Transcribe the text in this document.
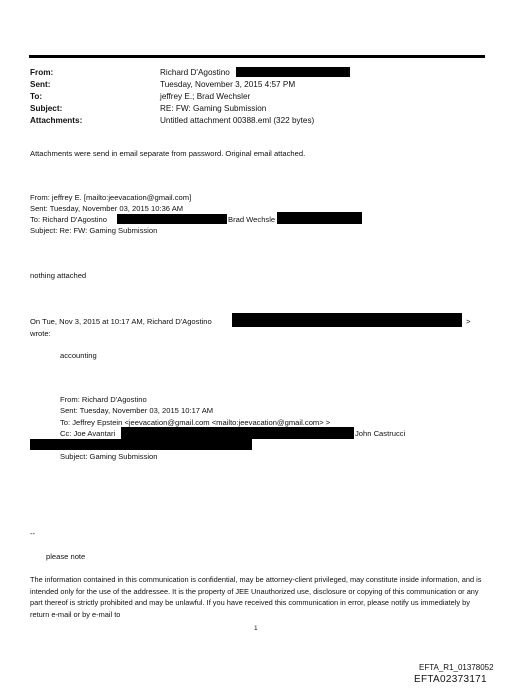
From:	Richard D'Agostino
Sent:	Tuesday, November 3, 2015 4:57 PM
To:	jeffrey E.; Brad Wechsler
Subject:	RE: FW: Gaming Submission
Attachments:	Untitled attachment 00388.eml (322 bytes)
Attachments were send in email separate from password. Original email attached.
From: jeffrey E. [mailto:jeevacation@gmail.com]
Sent: Tuesday, November 03, 2015 10:36 AM
To: Richard D'Agostino	Brad Wechsle
Subject: Re: FW: Gaming Submission
nothing attached
On Tue, Nov 3, 2015 at 10:17 AM, Richard D'Agostino	>
wrote:
accounting
From: Richard D'Agostino
Sent: Tuesday, November 03, 2015 10:17 AM
To: Jeffrey Epstein <jeevacation@gmail.com <mailto:jeevacation@gmail.com> >
Cc: Joe Avantari	John Castrucci
Subject: Gaming Submission
--
please note
The information contained in this communication is confidential, may be attorney-client privileged, may constitute inside information, and is intended only for the use of the addressee. It is the property of JEE Unauthorized use, disclosure or copying of this communication or any part thereof is strictly prohibited and may be unlawful. If you have received this communication in error, please notify us immediately by return e-mail or by e-mail to
1
EFTA_R1_01378052
EFTA02373171
